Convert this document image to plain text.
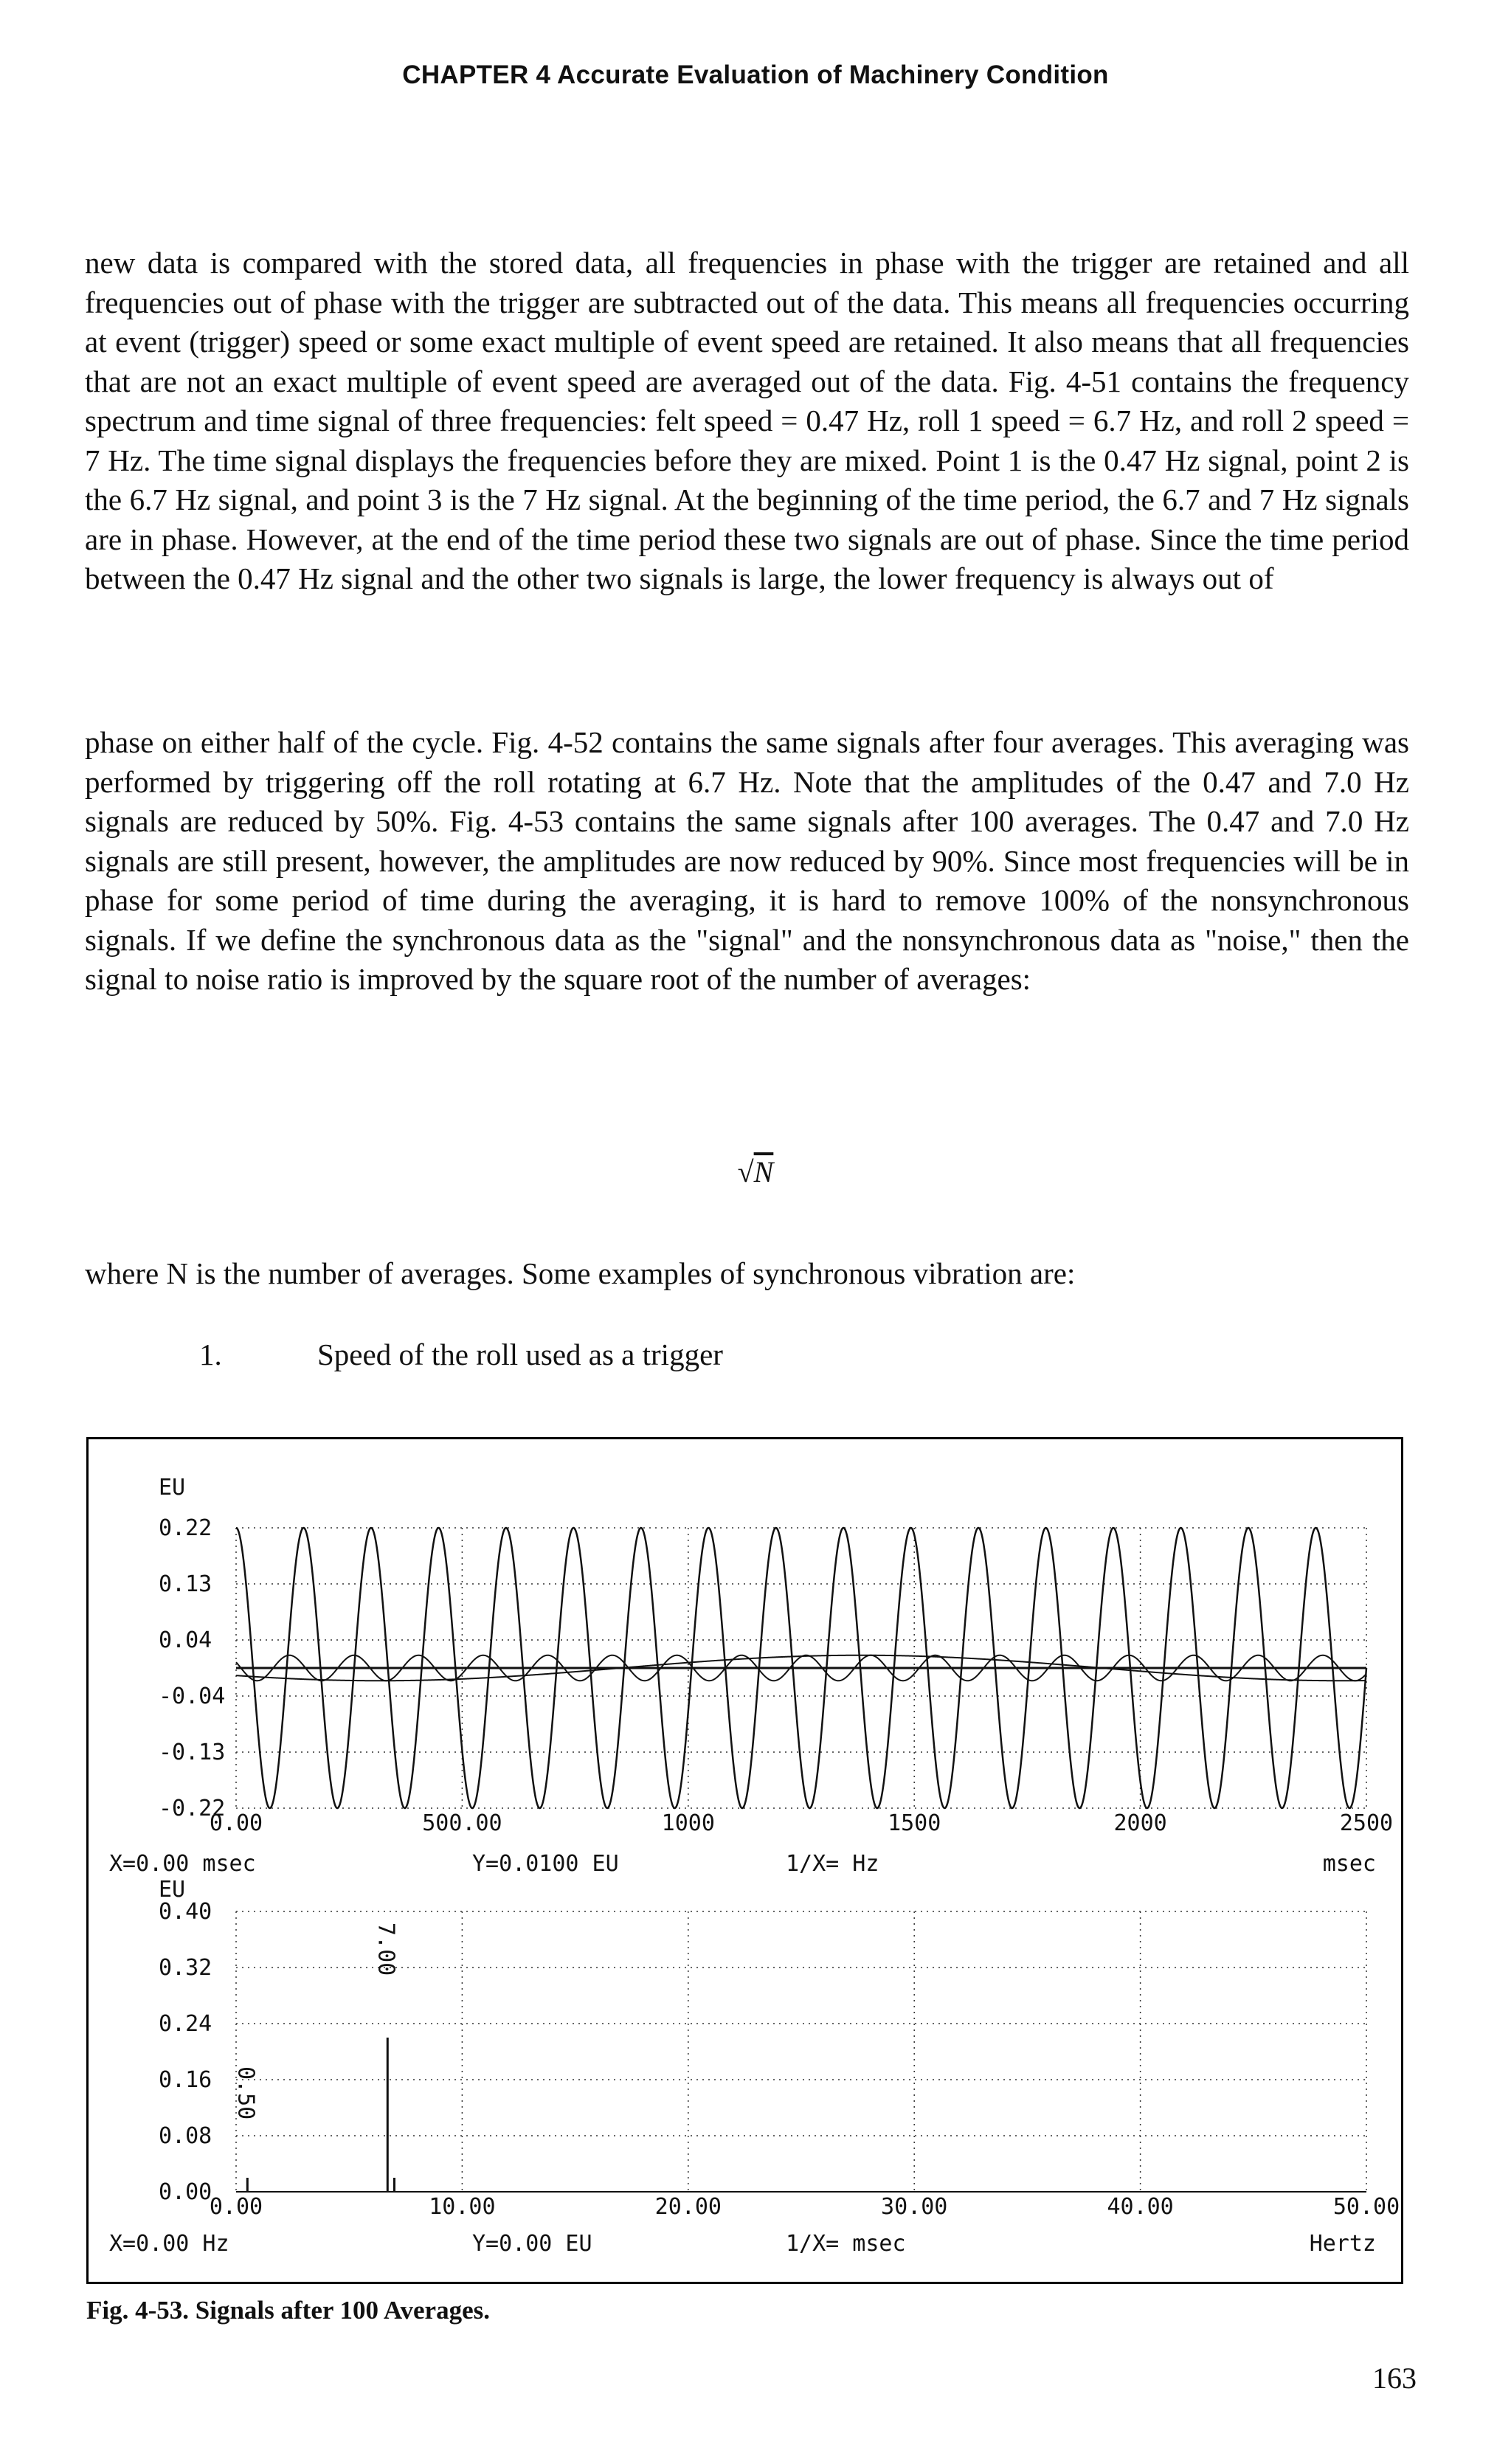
CHAPTER 4 Accurate Evaluation of Machinery Condition

new data is compared with the stored data, all frequencies in phase with the trigger are retained and all frequencies out of phase with the trigger are subtracted out of the data. This means all frequencies occurring at event (trigger) speed or some exact multiple of event speed are retained. It also means that all frequencies that are not an exact multiple of event speed are averaged out of the data. Fig. 4-51 contains the frequency spectrum and time signal of three frequencies: felt speed = 0.47 Hz, roll 1 speed = 6.7 Hz, and roll 2 speed = 7 Hz. The time signal displays the frequencies before they are mixed. Point 1 is the 0.47 Hz signal, point 2 is the 6.7 Hz signal, and point 3 is the 7 Hz signal. At the beginning of the time period, the 6.7 and 7 Hz signals are in phase. However, at the end of the time period these two signals are out of phase. Since the time period between the 0.47 Hz signal and the other two signals is large, the lower frequency is always out of

phase on either half of the cycle. Fig. 4-52 contains the same signals after four averages. This averaging was performed by triggering off the roll rotating at 6.7 Hz. Note that the amplitudes of the 0.47 and 7.0 Hz signals are reduced by 50%. Fig. 4-53 contains the same signals after 100 averages. The 0.47 and 7.0 Hz signals are still present, however, the amplitudes are now reduced by 90%. Since most frequencies will be in phase for some period of time during the averaging, it is hard to remove 100% of the nonsynchronous signals. If we define the synchronous data as the "signal" and the nonsynchronous data as "noise," then the signal to noise ratio is improved by the square root of the number of averages:

√N

where N is the number of averages. Some examples of synchronous vibration are:

1.	Speed of the roll used as a trigger
EU
0.22
0.13
0.04
-0.04
-0.13
-0.22
0.00	500.00	1000	1500	2000	2500
X=0.00 msec	Y=0.0100 EU	1/X= Hz	msec
EU
0.40
0.32
0.24
0.16
0.08
0.00
0.00	10.00	20.00	30.00	40.00	50.00
7.00
0.50
X=0.00 Hz	Y=0.00 EU	1/X= msec	Hertz
Fig. 4-53. Signals after 100 Averages.
163
